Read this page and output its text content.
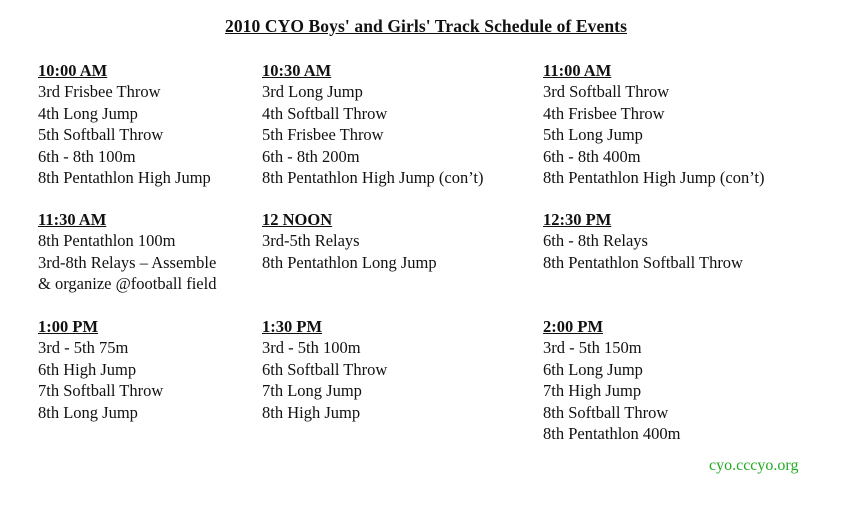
2010 CYO Boys' and Girls' Track Schedule of Events
10:00 AM
3rd Frisbee Throw
4th Long Jump
5th Softball Throw
6th - 8th 100m
8th Pentathlon High Jump
10:30 AM
3rd Long Jump
4th Softball Throw
5th Frisbee Throw
6th - 8th 200m
8th Pentathlon High Jump (con’t)
11:00 AM
3rd Softball Throw
4th Frisbee Throw
5th Long Jump
6th - 8th 400m
8th Pentathlon High Jump (con’t)
11:30 AM
8th Pentathlon 100m
3rd-8th Relays – Assemble
& organize @football field
12 NOON
3rd-5th Relays
8th Pentathlon Long Jump
12:30 PM
6th - 8th Relays
8th Pentathlon Softball Throw
1:00 PM
3rd - 5th 75m
6th High Jump
7th Softball Throw
8th Long Jump
1:30 PM
3rd - 5th 100m
6th Softball Throw
7th Long Jump
8th High Jump
2:00 PM
3rd - 5th 150m
6th Long Jump
7th High Jump
8th Softball Throw
8th Pentathlon 400m
cyo.cccyo.org
